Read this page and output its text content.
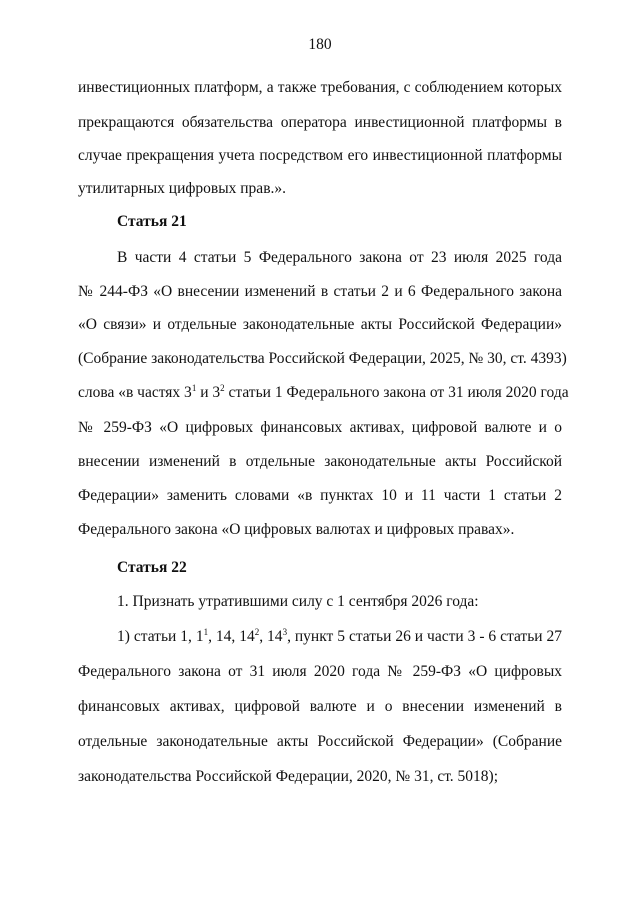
180
инвестиционных платформ, а также требования, с соблюдением которых
прекращаются обязательства оператора инвестиционной платформы в
случае прекращения учета посредством его инвестиционной платформы
утилитарных цифровых прав.».
Статья 21
В части 4 статьи 5 Федерального закона от 23 июля 2025 года
№ 244-ФЗ «О внесении изменений в статьи 2 и 6 Федерального закона
«О связи» и отдельные законодательные акты Российской Федерации»
(Собрание законодательства Российской Федерации, 2025, № 30, ст. 4393)
слова «в частях $3^1$ и $3^2$ статьи 1 Федерального закона от 31 июля 2020 года
№ 259-ФЗ «О цифровых финансовых активах, цифровой валюте и о
внесении изменений в отдельные законодательные акты Российской
Федерации» заменить словами «в пунктах 10 и 11 части 1 статьи 2
Федерального закона «О цифровых валютах и цифровых правах».
Статья 22
1. Признать утратившими силу с 1 сентября 2026 года:
1) статьи 1, $1^1$, 14, $14^2$, $14^3$, пункт 5 статьи 26 и части 3 - 6 статьи 27
Федерального закона от 31 июля 2020 года № 259-ФЗ «О цифровых
финансовых активах, цифровой валюте и о внесении изменений в
отдельные законодательные акты Российской Федерации» (Собрание
законодательства Российской Федерации, 2020, № 31, ст. 5018);
